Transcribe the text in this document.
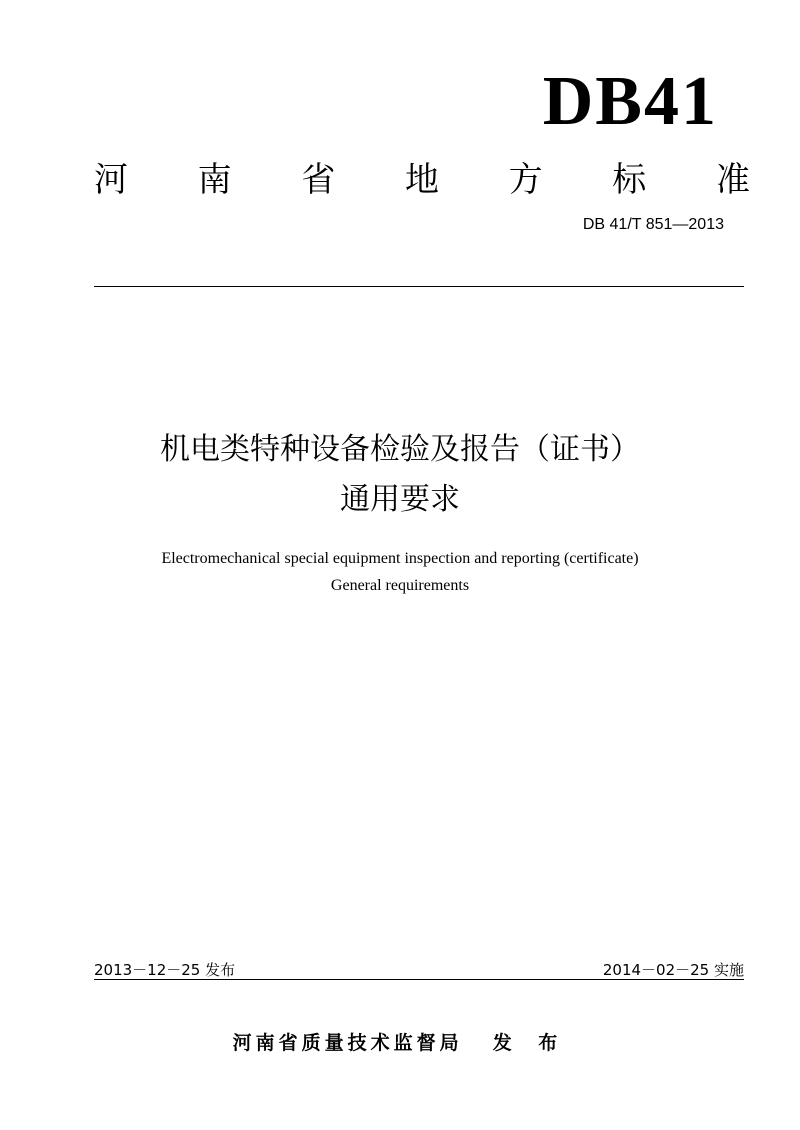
DB41
河 南 省 地 方 标 准
DB 41/T 851—2013
机电类特种设备检验及报告（证书）
通用要求
Electromechanical special equipment inspection and reporting (certificate)
General requirements
2013－12－25 发布	2014－02－25 实施
河南省质量技术监督局 发 布
